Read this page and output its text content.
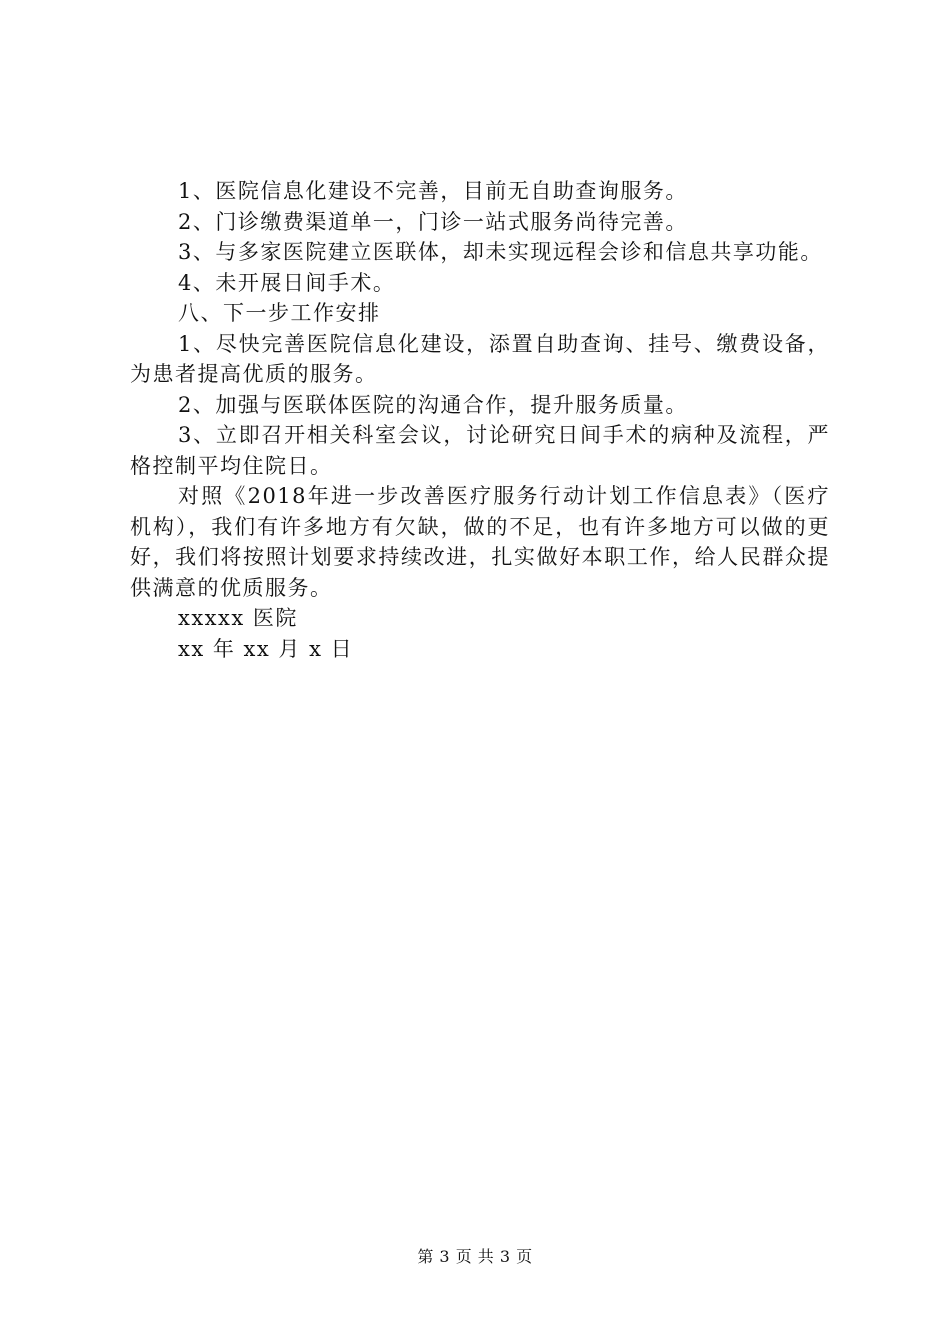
1、医院信息化建设不完善，目前无自助查询服务。

2、门诊缴费渠道单一，门诊一站式服务尚待完善。

3、与多家医院建立医联体，却未实现远程会诊和信息共享功能。

4、未开展日间手术。

八、下一步工作安排

1、尽快完善医院信息化建设，添置自助查询、挂号、缴费设备，为患者提高优质的服务。

2、加强与医联体医院的沟通合作，提升服务质量。

3、立即召开相关科室会议，讨论研究日间手术的病种及流程，严格控制平均住院日。

对照《2018年进一步改善医疗服务行动计划工作信息表》（医疗机构），我们有许多地方有欠缺，做的不足，也有许多地方可以做的更好，我们将按照计划要求持续改进，扎实做好本职工作，给人民群众提供满意的优质服务。

xxxxx 医院

xx 年 xx 月 x 日

第 3 页 共 3 页
